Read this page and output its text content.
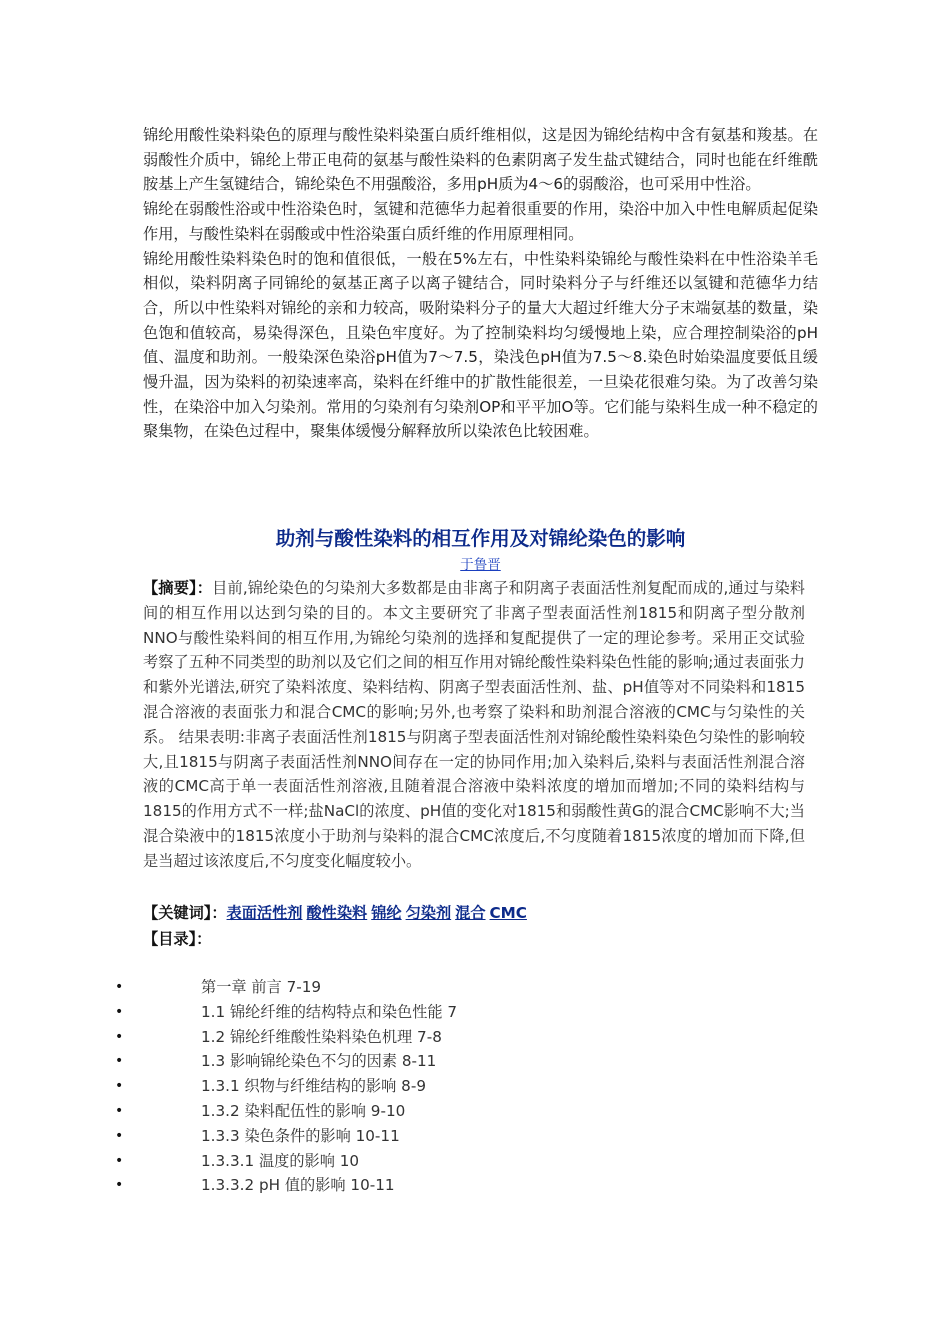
锦纶用酸性染料染色的原理与酸性染料染蛋白质纤维相似，这是因为锦纶结构中含有氨基和羧基。在弱酸性介质中，锦纶上带正电荷的氨基与酸性染料的色素阴离子发生盐式键结合，同时也能在纤维酰胺基上产生氢键结合，锦纶染色不用强酸浴，多用pH质为4～6的弱酸浴，也可采用中性浴。

锦纶在弱酸性浴或中性浴染色时，氢键和范德华力起着很重要的作用，染浴中加入中性电解质起促染作用，与酸性染料在弱酸或中性浴染蛋白质纤维的作用原理相同。

锦纶用酸性染料染色时的饱和值很低，一般在5%左右，中性染料染锦纶与酸性染料在中性浴染羊毛相似，染料阴离子同锦纶的氨基正离子以离子键结合，同时染料分子与纤维还以氢键和范德华力结合，所以中性染料对锦纶的亲和力较高，吸附染料分子的量大大超过纤维大分子末端氨基的数量，染色饱和值较高，易染得深色，且染色牢度好。为了控制染料均匀缓慢地上染，应合理控制染浴的pH值、温度和助剂。一般染深色染浴pH值为7～7.5，染浅色pH值为7.5～8.染色时始染温度要低且缓慢升温，因为染料的初染速率高，染料在纤维中的扩散性能很差，一旦染花很难匀染。为了改善匀染性，在染浴中加入匀染剂。常用的匀染剂有匀染剂OP和平平加O等。它们能与染料生成一种不稳定的聚集物，在染色过程中，聚集体缓慢分解释放所以染浓色比较困难。

助剂与酸性染料的相互作用及对锦纶染色的影响
于鲁晋

【摘要】：目前,锦纶染色的匀染剂大多数都是由非离子和阴离子表面活性剂复配而成的,通过与染料间的相互作用以达到匀染的目的。本文主要研究了非离子型表面活性剂1815和阴离子型分散剂NNO与酸性染料间的相互作用,为锦纶匀染剂的选择和复配提供了一定的理论参考。采用正交试验考察了五种不同类型的助剂以及它们之间的相互作用对锦纶酸性染料染色性能的影响;通过表面张力和紫外光谱法,研究了染料浓度、染料结构、阴离子型表面活性剂、盐、pH值等对不同染料和1815混合溶液的表面张力和混合CMC的影响;另外,也考察了染料和助剂混合溶液的CMC与匀染性的关系。 结果表明:非离子表面活性剂1815与阴离子型表面活性剂对锦纶酸性染料染色匀染性的影响较大,且1815与阴离子表面活性剂NNO间存在一定的协同作用;加入染料后,染料与表面活性剂混合溶液的CMC高于单一表面活性剂溶液,且随着混合溶液中染料浓度的增加而增加;不同的染料结构与1815的作用方式不一样;盐NaCl的浓度、pH值的变化对1815和弱酸性黄G的混合CMC影响不大;当混合染液中的1815浓度小于助剂与染料的混合CMC浓度后,不匀度随着1815浓度的增加而下降,但是当超过该浓度后,不匀度变化幅度较小。

【关键词】：表面活性剂 酸性染料 锦纶 匀染剂 混合 CMC
【目录】：
•	第一章 前言 7-19
•	1.1 锦纶纤维的结构特点和染色性能 7
•	1.2 锦纶纤维酸性染料染色机理 7-8
•	1.3 影响锦纶染色不匀的因素 8-11
•	1.3.1 织物与纤维结构的影响 8-9
•	1.3.2 染料配伍性的影响 9-10
•	1.3.3 染色条件的影响 10-11
•	1.3.3.1 温度的影响 10
•	1.3.3.2 pH 值的影响 10-11
